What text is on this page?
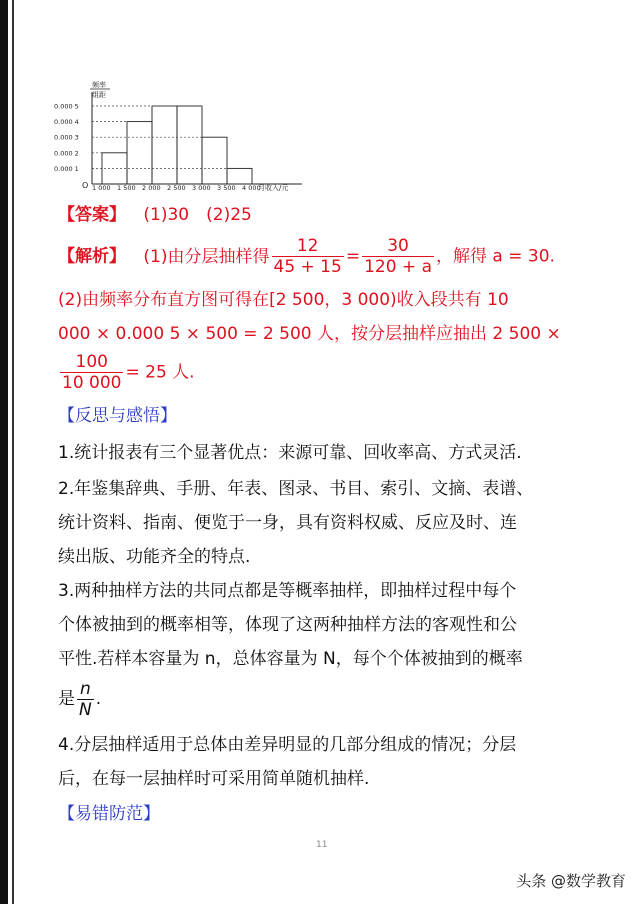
频率
组距
0.000 5
0.000 4
0.000 3
0.000 2
0.000 1
1 000 1 500 2 000 2 500 3 000 3 500 4 000
O	月收入/元
【答案】 (1)30　(2)25
【解析】 (1)由分层抽样得 $\frac{12}{45 + 15} = \frac{30}{120 + a}$ ，解得 a = 30.
(2)由频率分布直方图可得在[2 500，3 000)收入段共有 10
000 × 0.000 5 × 500 = 2 500 人，按分层抽样应抽出 2 500 ×
$\frac{100}{10 000} = 25$ 人.
【反思与感悟】
1.统计报表有三个显著优点：来源可靠、回收率高、方式灵活.
2.年鉴集辞典、手册、年表、图录、书目、索引、文摘、表谱、
统计资料、指南、便览于一身，具有资料权威、反应及时、连
续出版、功能齐全的特点.
3.两种抽样方法的共同点都是等概率抽样，即抽样过程中每个
个体被抽到的概率相等，体现了这两种抽样方法的客观性和公
平性.若样本容量为 n，总体容量为 N，每个个体被抽到的概率
是 $\frac{n}{N}$ .
4.分层抽样适用于总体由差异明显的几部分组成的情况；分层
后，在每一层抽样时可采用简单随机抽样.
【易错防范】
11
头条 @数学教育
